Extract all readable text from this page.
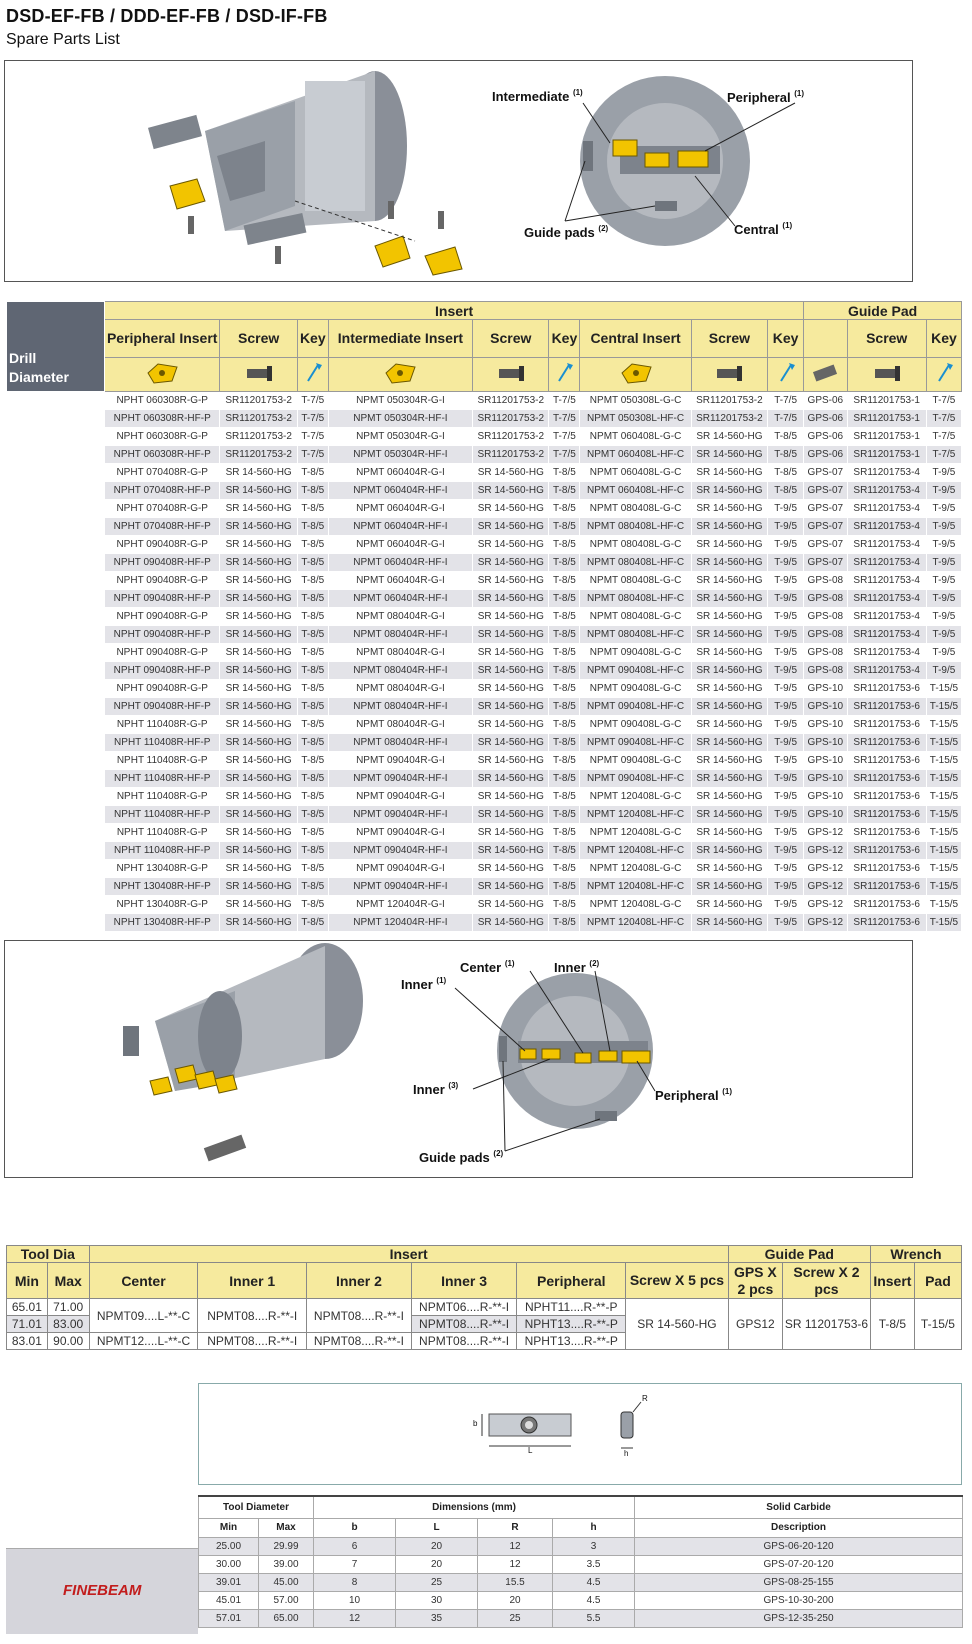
DSD-EF-FB / DDD-EF-FB / DSD-IF-FB
Spare Parts List
Intermediate $^{(1)}$	Peripheral $^{(1)}$
Central $^{(1)}$
Guide pads $^{(2)}$
Drill
Diameter	Insert									Guide Pad		
	Peripheral Insert	Screw	Key	Intermediate Insert	Screw	Key	Central Insert	Screw	Key		Screw	Key

25.00 - 28.00	NPHT 060308R-G-P	SR11201753-2	T-7/5	NPMT 050304R-G-I	SR11201753-2	T-7/5	NPMT 050308L-G-C	SR11201753-2	T-7/5	GPS-06	SR11201753-1	T-7/5
	NPHT 060308R-HF-P	SR11201753-2	T-7/5	NPMT 050304R-HF-I	SR11201753-2	T-7/5	NPMT 050308L-HF-C	SR11201753-2	T-7/5	GPS-06	SR11201753-1	T-7/5
28.01 - 29.99	NPHT 060308R-G-P	SR11201753-2	T-7/5	NPMT 050304R-G-I	SR11201753-2	T-7/5	NPMT 060408L-G-C	SR 14-560-HG	T-8/5	GPS-06	SR11201753-1	T-7/5
	NPHT 060308R-HF-P	SR11201753-2	T-7/5	NPMT 050304R-HF-I	SR11201753-2	T-7/5	NPMT 060408L-HF-C	SR 14-560-HG	T-8/5	GPS-06	SR11201753-1	T-7/5
30.00 - 35.00	NPHT 070408R-G-P	SR 14-560-HG	T-8/5	NPMT 060404R-G-I	SR 14-560-HG	T-8/5	NPMT 060408L-G-C	SR 14-560-HG	T-8/5	GPS-07	SR11201753-4	T-9/5
	NPHT 070408R-HF-P	SR 14-560-HG	T-8/5	NPMT 060404R-HF-I	SR 14-560-HG	T-8/5	NPMT 060408L-HF-C	SR 14-560-HG	T-8/5	GPS-07	SR11201753-4	T-9/5
35.01 - 38.00	NPHT 070408R-G-P	SR 14-560-HG	T-8/5	NPMT 060404R-G-I	SR 14-560-HG	T-8/5	NPMT 080408L-G-C	SR 14-560-HG	T-9/5	GPS-07	SR11201753-4	T-9/5
	NPHT 070408R-HF-P	SR 14-560-HG	T-8/5	NPMT 060404R-HF-I	SR 14-560-HG	T-8/5	NPMT 080408L-HF-C	SR 14-560-HG	T-9/5	GPS-07	SR11201753-4	T-9/5
38.01 - 39.00	NPHT 090408R-G-P	SR 14-560-HG	T-8/5	NPMT 060404R-G-I	SR 14-560-HG	T-8/5	NPMT 080408L-G-C	SR 14-560-HG	T-9/5	GPS-07	SR11201753-4	T-9/5
	NPHT 090408R-HF-P	SR 14-560-HG	T-8/5	NPMT 060404R-HF-I	SR 14-560-HG	T-8/5	NPMT 080408L-HF-C	SR 14-560-HG	T-9/5	GPS-07	SR11201753-4	T-9/5
39.01 - 41.00	NPHT 090408R-G-P	SR 14-560-HG	T-8/5	NPMT 060404R-G-I	SR 14-560-HG	T-8/5	NPMT 080408L-G-C	SR 14-560-HG	T-9/5	GPS-08	SR11201753-4	T-9/5
	NPHT 090408R-HF-P	SR 14-560-HG	T-8/5	NPMT 060404R-HF-I	SR 14-560-HG	T-8/5	NPMT 080408L-HF-C	SR 14-560-HG	T-9/5	GPS-08	SR11201753-4	T-9/5
41.01 - 44.00	NPHT 090408R-G-P	SR 14-560-HG	T-8/5	NPMT 080404R-G-I	SR 14-560-HG	T-8/5	NPMT 080408L-G-C	SR 14-560-HG	T-9/5	GPS-08	SR11201753-4	T-9/5
	NPHT 090408R-HF-P	SR 14-560-HG	T-8/5	NPMT 080404R-HF-I	SR 14-560-HG	T-8/5	NPMT 080408L-HF-C	SR 14-560-HG	T-9/5	GPS-08	SR11201753-4	T-9/5
44.01 - 45.00	NPHT 090408R-G-P	SR 14-560-HG	T-8/5	NPMT 080404R-G-I	SR 14-560-HG	T-8/5	NPMT 090408L-G-C	SR 14-560-HG	T-9/5	GPS-08	SR11201753-4	T-9/5
	NPHT 090408R-HF-P	SR 14-560-HG	T-8/5	NPMT 080404R-HF-I	SR 14-560-HG	T-8/5	NPMT 090408L-HF-C	SR 14-560-HG	T-9/5	GPS-08	SR11201753-4	T-9/5
45.01 - 47.00	NPHT 090408R-G-P	SR 14-560-HG	T-8/5	NPMT 080404R-G-I	SR 14-560-HG	T-8/5	NPMT 090408L-G-C	SR 14-560-HG	T-9/5	GPS-10	SR11201753-6	T-15/5
	NPHT 090408R-HF-P	SR 14-560-HG	T-8/5	NPMT 080404R-HF-I	SR 14-560-HG	T-8/5	NPMT 090408L-HF-C	SR 14-560-HG	T-9/5	GPS-10	SR11201753-6	T-15/5
47.01 - 51.00	NPHT 110408R-G-P	SR 14-560-HG	T-8/5	NPMT 080404R-G-I	SR 14-560-HG	T-8/5	NPMT 090408L-G-C	SR 14-560-HG	T-9/5	GPS-10	SR11201753-6	T-15/5
	NPHT 110408R-HF-P	SR 14-560-HG	T-8/5	NPMT 080404R-HF-I	SR 14-560-HG	T-8/5	NPMT 090408L-HF-C	SR 14-560-HG	T-9/5	GPS-10	SR11201753-6	T-15/5
51.01 - 54.00	NPHT 110408R-G-P	SR 14-560-HG	T-8/5	NPMT 090404R-G-I	SR 14-560-HG	T-8/5	NPMT 090408L-G-C	SR 14-560-HG	T-9/5	GPS-10	SR11201753-6	T-15/5
	NPHT 110408R-HF-P	SR 14-560-HG	T-8/5	NPMT 090404R-HF-I	SR 14-560-HG	T-8/5	NPMT 090408L-HF-C	SR 14-560-HG	T-9/5	GPS-10	SR11201753-6	T-15/5
54.01 - 57.00	NPHT 110408R-G-P	SR 14-560-HG	T-8/5	NPMT 090404R-G-I	SR 14-560-HG	T-8/5	NPMT 120408L-G-C	SR 14-560-HG	T-9/5	GPS-10	SR11201753-6	T-15/5
	NPHT 110408R-HF-P	SR 14-560-HG	T-8/5	NPMT 090404R-HF-I	SR 14-560-HG	T-8/5	NPMT 120408L-HF-C	SR 14-560-HG	T-9/5	GPS-10	SR11201753-6	T-15/5
57.01 - 60.00	NPHT 110408R-G-P	SR 14-560-HG	T-8/5	NPMT 090404R-G-I	SR 14-560-HG	T-8/5	NPMT 120408L-G-C	SR 14-560-HG	T-9/5	GPS-12	SR11201753-6	T-15/5
	NPHT 110408R-HF-P	SR 14-560-HG	T-8/5	NPMT 090404R-HF-I	SR 14-560-HG	T-8/5	NPMT 120408L-HF-C	SR 14-560-HG	T-9/5	GPS-12	SR11201753-6	T-15/5
60.01 - 64.00	NPHT 130408R-G-P	SR 14-560-HG	T-8/5	NPMT 090404R-G-I	SR 14-560-HG	T-8/5	NPMT 120408L-G-C	SR 14-560-HG	T-9/5	GPS-12	SR11201753-6	T-15/5
	NPHT 130408R-HF-P	SR 14-560-HG	T-8/5	NPMT 090404R-HF-I	SR 14-560-HG	T-8/5	NPMT 120408L-HF-C	SR 14-560-HG	T-9/5	GPS-12	SR11201753-6	T-15/5
64.01 - 65.00	NPHT 130408R-G-P	SR 14-560-HG	T-8/5	NPMT 120404R-G-I	SR 14-560-HG	T-8/5	NPMT 120408L-G-C	SR 14-560-HG	T-9/5	GPS-12	SR11201753-6	T-15/5
	NPHT 130408R-HF-P	SR 14-560-HG	T-8/5	NPMT 120404R-HF-I	SR 14-560-HG	T-8/5	NPMT 120408L-HF-C	SR 14-560-HG	T-9/5	GPS-12	SR11201753-6	T-15/5
Center $^{(1)}$	Inner $^{(2)}$
Inner $^{(1)}$
Inner $^{(3)}$
Peripheral $^{(1)}$
Guide pads $^{(2)}$
Tool Dia		Insert						Guide Pad		Wrench	
Min	Max	Center	Inner 1	Inner 2	Inner 3	Peripheral	Screw X 5 pcs	GPS X 2 pcs	Screw X 2 pcs	Insert	Pad
65.01	71.00	NPMT09....L-**-C	NPMT08....R-**-I	NPMT08....R-**-I	NPMT06....R-**-I	NPHT11....R-**-P	SR 14-560-HG	GPS12	SR 11201753-6	T-8/5	T-15/5
71.01	83.00				NPMT08....R-**-I	NPHT13....R-**-P					
83.01	90.00	NPMT12....L-**-C	NPMT08....R-**-I	NPMT08....R-**-I	NPMT08....R-**-I	NPHT13....R-**-P					
b
L
R
h
FINEBEAM
Tool Diameter		Dimensions (mm)				Solid Carbide
Min	Max	b	L	R	h	Description
25.00	29.99	6	20	12	3	GPS-06-20-120
30.00	39.00	7	20	12	3.5	GPS-07-20-120
39.01	45.00	8	25	15.5	4.5	GPS-08-25-155
45.01	57.00	10	30	20	4.5	GPS-10-30-200
57.01	65.00	12	35	25	5.5	GPS-12-35-250
